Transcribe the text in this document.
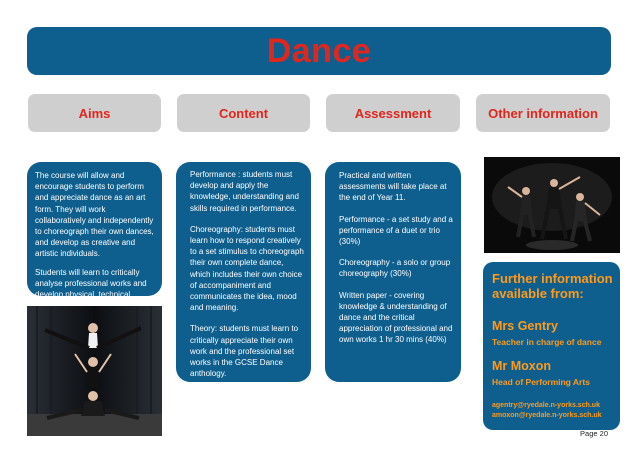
Dance
Aims	Content	Assessment	Other information

The course will allow and encourage students to perform and appreciate dance as an art form. They will work collaboratively and independently to choreograph their own dances, and develop as creative and artistic individuals.

Students will learn to critically analyse professional works and develop physical, technical,

Performance : students must develop and apply the knowledge, understanding and skills required in performance.

Choreography: students must learn how to respond creatively to a set stimulus to choreograph their own complete dance, which includes their own choice of accompaniment and communicates the idea, mood and meaning.

Theory: students must learn to critically appreciate their own work and the professional set works in the GCSE Dance anthology.

Practical and written assessments will take place at the end of Year 11.

Performance - a set study and a performance of a duet or trio (30%)

Choreography - a solo or group choreography (30%)

Written paper - covering knowledge & understanding of dance and the critical appreciation of professional and own works 1 hr 30 mins (40%)

Further information available from:
Mrs Gentry
Teacher in charge of dance
Mr Moxon
Head of Performing Arts
agentry@ryedale.n-yorks.sch.uk
amoxon@ryedale.n-yorks.sch.uk
Page 20
